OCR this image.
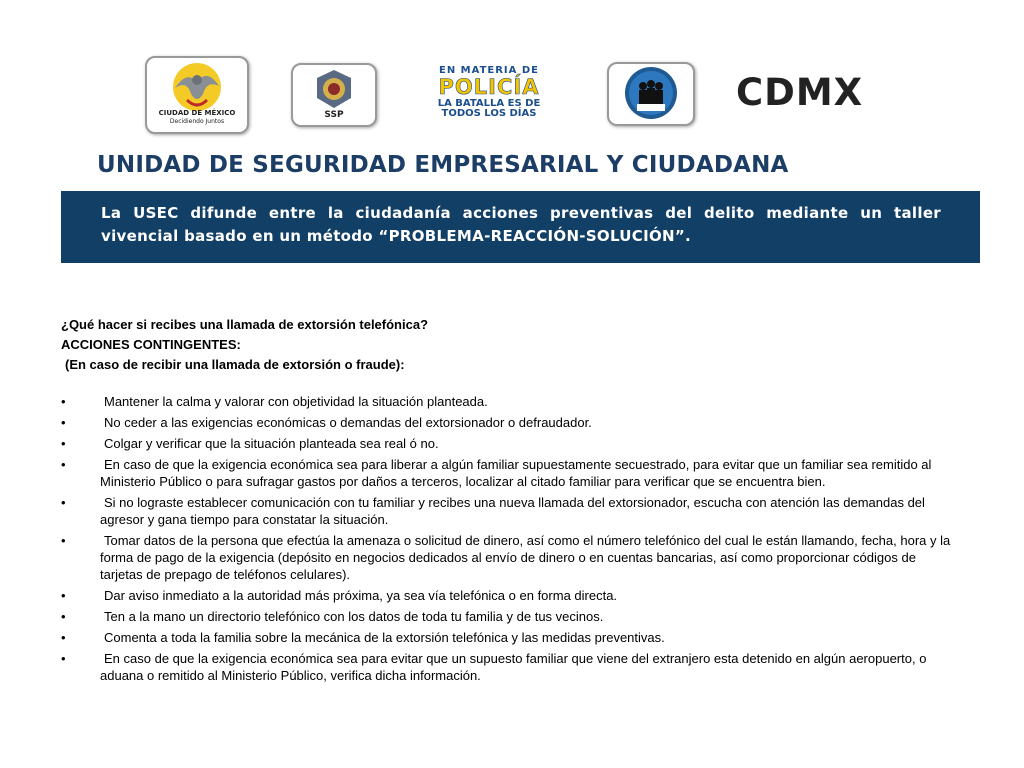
CIUDAD DE MÉXICO
Decidiendo Juntos
SSP
EN MATERIA DE
POLICÍA
LA BATALLA ES DE
TODOS LOS DÍAS	CDMX
UNIDAD DE SEGURIDAD EMPRESARIAL Y CIUDADANA
La USEC difunde entre la ciudadanía acciones preventivas del delito mediante un taller vivencial basado en un método “PROBLEMA-REACCIÓN-SOLUCIÓN”.
¿Qué hacer si recibes una llamada de extorsión telefónica?
ACCIONES CONTINGENTES:
(En caso de recibir una llamada de extorsión o fraude):
•	Mantener la calma y valorar con objetividad la situación planteada.
•	No ceder a las exigencias económicas o demandas del extorsionador o defraudador.
•	Colgar y verificar que la situación planteada sea real ó no.
•	En caso de que la exigencia económica sea para liberar a algún familiar supuestamente secuestrado, para evitar que un familiar sea remitido al Ministerio Público o para sufragar gastos por daños a terceros, localizar al citado familiar para verificar que se encuentra bien.
•	Si no lograste establecer comunicación con tu familiar y recibes una nueva llamada del extorsionador, escucha con atención las demandas del agresor y gana tiempo para constatar la situación.
•	Tomar datos de la persona que efectúa la amenaza o solicitud de dinero, así como el número telefónico del cual le están llamando, fecha, hora y la forma de pago de la exigencia (depósito en negocios dedicados al envío de dinero o en cuentas bancarias, así como proporcionar códigos de tarjetas de prepago de teléfonos celulares).
•	Dar aviso inmediato a la autoridad más próxima, ya sea vía telefónica o en forma directa.
•	Ten a la mano un directorio telefónico con los datos de toda tu familia y de tus vecinos.
•	Comenta a toda la familia sobre la mecánica de la extorsión telefónica y las medidas preventivas.
•	En caso de que la exigencia económica sea para evitar que un supuesto familiar que viene del extranjero esta detenido en algún aeropuerto, o aduana o remitido al Ministerio Público, verifica dicha información.
